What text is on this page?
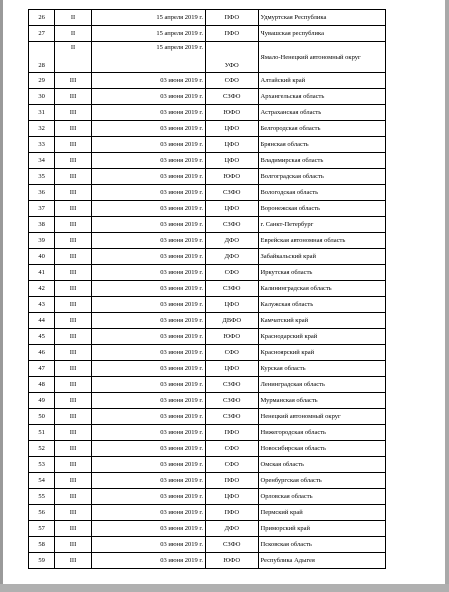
26	II	15 апреля 2019 г.	ПФО	Удмуртская Республика
27	II	15 апреля 2019 г.	ПФО	Чувашская республика
28	II	15 апреля 2019 г.	УФО	Ямало-Ненецкий автономный округ
29	III	03 июня 2019 г.	СФО	Алтайский край
30	III	03 июня 2019 г.	СЗФО	Архангельская область
31	III	03 июня 2019 г.	ЮФО	Астраханская область
32	III	03 июня 2019 г.	ЦФО	Белгородская область
33	III	03 июня 2019 г.	ЦФО	Брянская область
34	III	03 июня 2019 г.	ЦФО	Владимирская область
35	III	03 июня 2019 г.	ЮФО	Волгоградская область
36	III	03 июня 2019 г.	СЗФО	Вологодская область
37	III	03 июня 2019 г.	ЦФО	Воронежская область
38	III	03 июня 2019 г.	СЗФО	г. Санкт-Петербург
39	III	03 июня 2019 г.	ДФО	Еврейская автономная область
40	III	03 июня 2019 г.	ДФО	Забайкальский край
41	III	03 июня 2019 г.	СФО	Иркутская область
42	III	03 июня 2019 г.	СЗФО	Калининградская область
43	III	03 июня 2019 г.	ЦФО	Калужская область
44	III	03 июня 2019 г.	ДВФО	Камчатский край
45	III	03 июня 2019 г.	ЮФО	Краснодарский край
46	III	03 июня 2019 г.	СФО	Красноярский край
47	III	03 июня 2019 г.	ЦФО	Курская область
48	III	03 июня 2019 г.	СЗФО	Ленинградская область
49	III	03 июня 2019 г.	СЗФО	Мурманская область
50	III	03 июня 2019 г.	СЗФО	Ненецкий автономный округ
51	III	03 июня 2019 г.	ПФО	Нижегородская область
52	III	03 июня 2019 г.	СФО	Новосибирская область
53	III	03 июня 2019 г.	СФО	Омская область
54	III	03 июня 2019 г.	ПФО	Оренбургская область
55	III	03 июня 2019 г.	ЦФО	Орловская область
56	III	03 июня 2019 г.	ПФО	Пермский край
57	III	03 июня 2019 г.	ДФО	Приморский край
58	III	03 июня 2019 г.	СЗФО	Псковская область
59	III	03 июня 2019 г.	ЮФО	Республика Адыгея
